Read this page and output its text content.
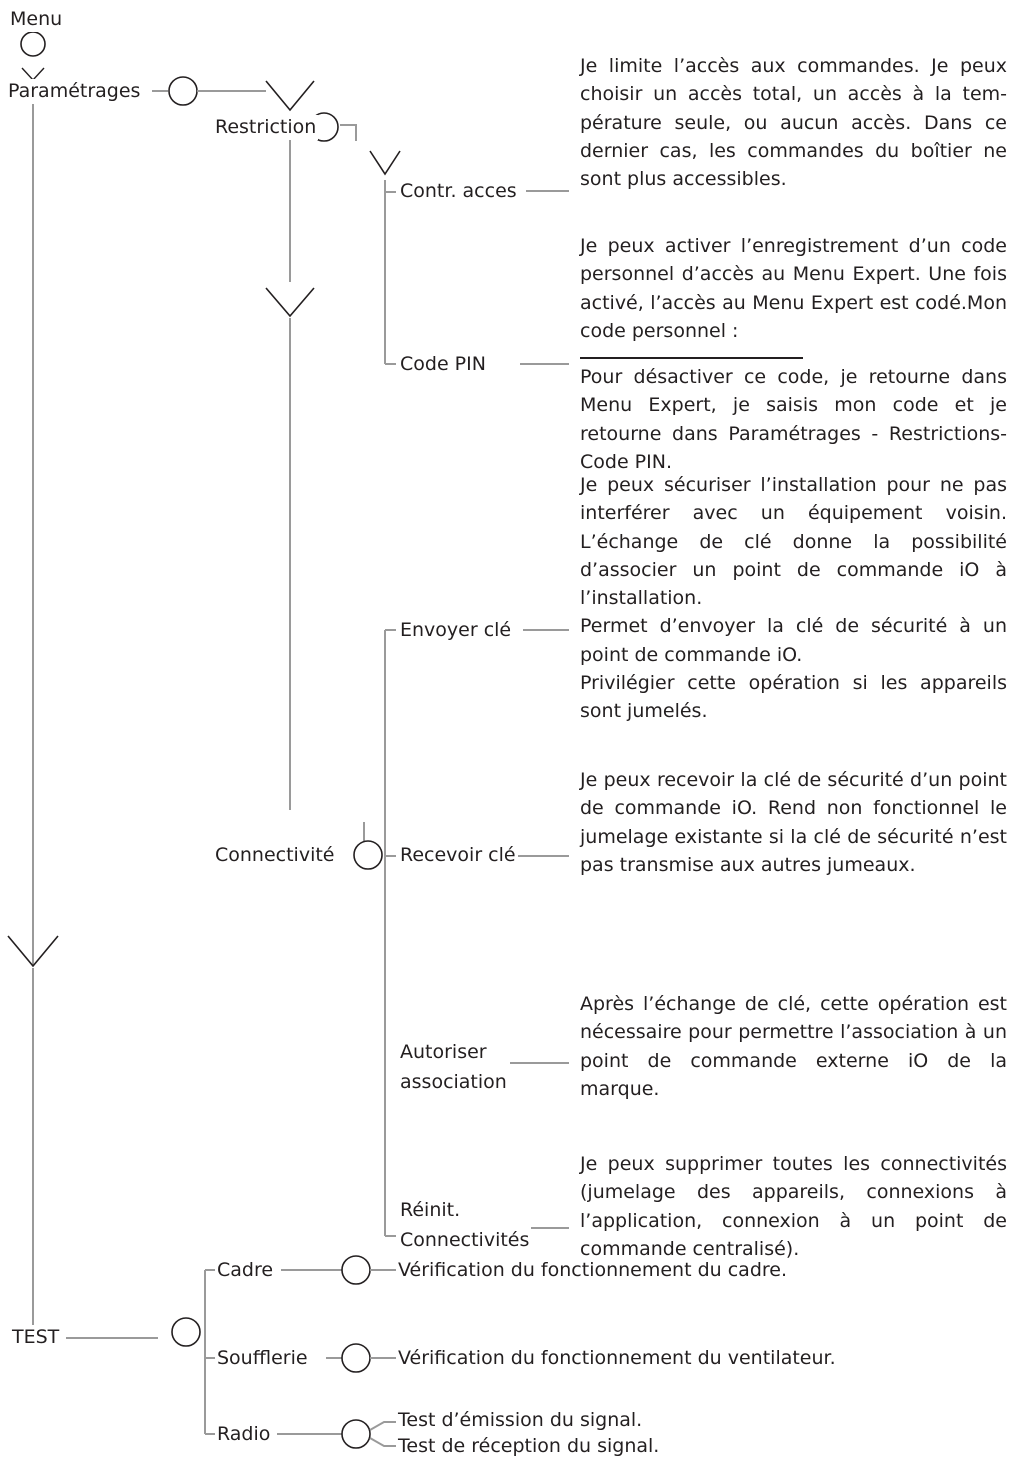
Menu
Paramétrages
Restriction
Contr. acces
Code PIN
Connectivité
Envoyer clé
Recevoir clé
Autoriser
association
Réinit.
Connectivités
TEST
Cadre
Soufflerie
Radio
Je limite l’accès aux commandes. Je peux choisir un accès total, un accès à la température seule, ou aucun accès. Dans ce dernier cas, les commandes du boîtier ne sont plus accessibles.

Je peux activer l’enregistrement d’un code personnel d’accès au Menu Expert. Une fois activé, l’accès au Menu Expert est codé.Mon code personnel :

Pour désactiver ce code, je retourne dans Menu Expert, je saisis mon code et je retourne dans Paramétrages - Restrictions- Code PIN.

Je peux sécuriser l’installation pour ne pas interférer avec un équipement voisin. L’échange de clé donne la possibilité d’associer un point de commande iO à l’installation.

Permet d’envoyer la clé de sécurité à un point de commande iO.

Privilégier cette opération si les appareils sont jumelés.

Je peux recevoir la clé de sécurité d’un point de commande iO. Rend non fonctionnel le jumelage existante si la clé de sécurité n’est pas transmise aux autres jumeaux.
Après l’échange de clé, cette opération est nécessaire pour permettre l’association à un point de commande externe iO de la marque.
Je peux supprimer toutes les connectivités (jumelage des appareils, connexions à l’application, connexion à un point de commande centralisé).
Vérification du fonctionnement du cadre.
Vérification du fonctionnement du ventilateur.
Test d’émission du signal.
Test de réception du signal.
